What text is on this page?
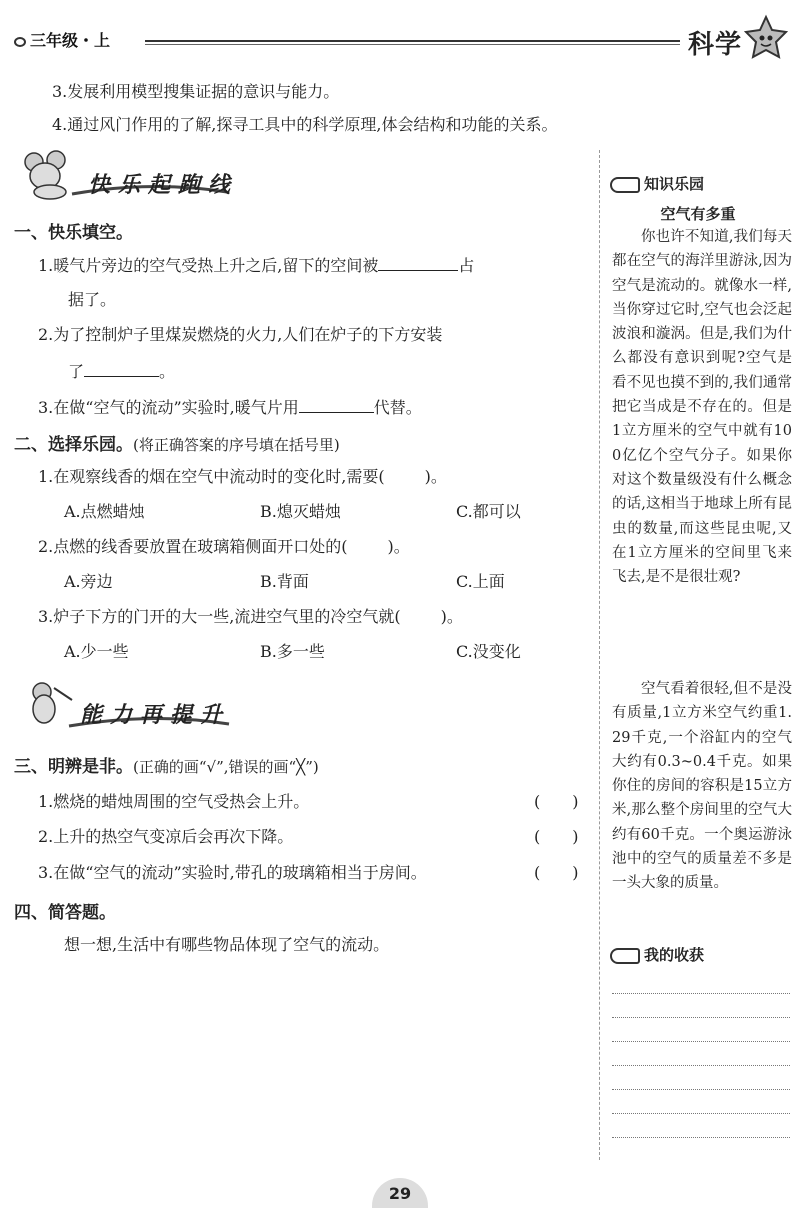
三年级・上	科学
3.发展利用模型搜集证据的意识与能力。
4.通过风门作用的了解,探寻工具中的科学原理,体会结构和功能的关系。
快乐起跑线
一、快乐填空。
1.暖气片旁边的空气受热上升之后,留下的空间被	占
据了。
2.为了控制炉子里煤炭燃烧的火力,人们在炉子的下方安装
了	。
3.在做“空气的流动”实验时,暖气片用	代替。
二、选择乐园。(将正确答案的序号填在括号里)
1.在观察线香的烟在空气中流动时的变化时,需要(	)。
A.点燃蜡烛	B.熄灭蜡烛	C.都可以
2.点燃的线香要放置在玻璃箱侧面开口处的(	)。
A.旁边	B.背面	C.上面
3.炉子下方的门开的大一些,流进空气里的冷空气就(	)。
A.少一些	B.多一些	C.没变化
能力再提升
三、明辨是非。(正确的画“√”,错误的画“╳”)
1.燃烧的蜡烛周围的空气受热会上升。	( )
2.上升的热空气变凉后会再次下降。	( )
3.在做“空气的流动”实验时,带孔的玻璃箱相当于房间。	( )
四、简答题。
想一想,生活中有哪些物品体现了空气的流动。
知识乐园
空气有多重
你也许不知道,我们每天都在空气的海洋里游泳,因为空气是流动的。就像水一样,当你穿过它时,空气也会泛起波浪和漩涡。但是,我们为什么都没有意识到呢?空气是看不见也摸不到的,我们通常把它当成是不存在的。但是1立方厘米的空气中就有100亿亿个空气分子。如果你对这个数量级没有什么概念的话,这相当于地球上所有昆虫的数量,而这些昆虫呢,又在1立方厘米的空间里飞来飞去,是不是很壮观?
空气看着很轻,但不是没有质量,1立方米空气约重1.29千克,一个浴缸内的空气大约有0.3~0.4千克。如果你住的房间的容积是15立方米,那么整个房间里的空气大约有60千克。一个奥运游泳池中的空气的质量差不多是一头大象的质量。
我的收获
29
